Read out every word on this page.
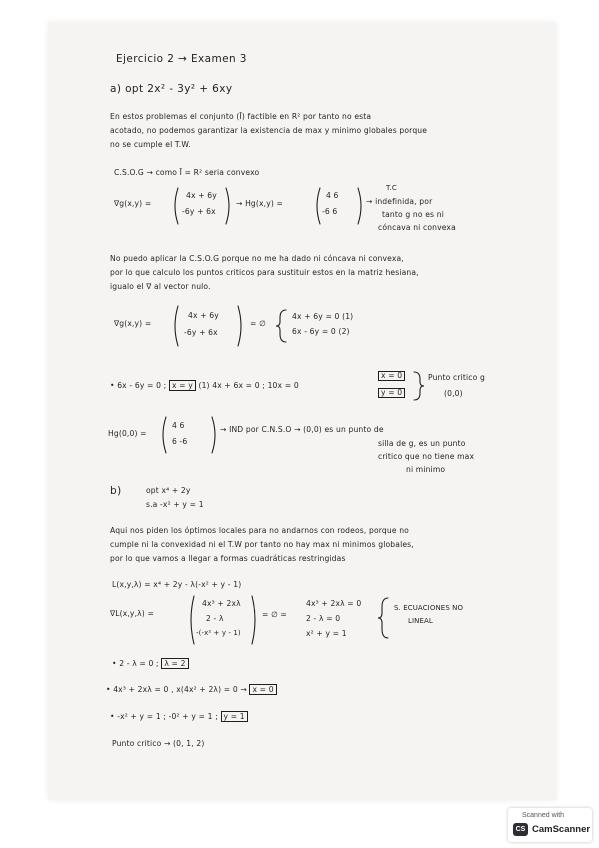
Ejercicio 2 → Examen 3
a) opt 2x² - 3y² + 6xy
En estos problemas el conjunto (Ī) factible en R² por tanto no esta
acotado, no podemos garantizar la existencia de max y minimo globales porque
no se cumple el T.W.
C.S.O.G → como Ī = R² seria convexo
∇g(x,y) =
4x + 6y
-6y + 6x
→ Hg(x,y) =
4 6
-6 6
T.C
→ indefinida, por
tanto g no es ni
cóncava ni convexa
No puedo aplicar la C.S.O.G porque no me ha dado ni cóncava ni convexa,
por lo que calculo los puntos criticos para sustituir estos en la matriz hesiana,
igualo el ∇ al vector nulo.
∇g(x,y) =
4x + 6y
-6y + 6x
= ∅
4x + 6y = 0 (1)
6x - 6y = 0 (2)
• 6x - 6y = 0 ; x = y (1) 4x + 6x = 0 ; 10x = 0
x = 0
y = 0
Punto critico g
(0,0)
Hg(0,0) =
4 6
6 -6
→ IND por C.N.S.O → (0,0) es un punto de
silla de g, es un punto
critico que no tiene max
ni minimo
b)	opt x⁴ + 2y
s.a -x² + y = 1
Aqui nos piden los óptimos locales para no andarnos con rodeos, porque no
cumple ni la convexidad ni el T.W por tanto no hay max ni minimos globales,
por lo que vamos a llegar a formas cuadráticas restringidas
L(x,y,λ) = x⁴ + 2y - λ(-x² + y - 1)
∇L(x,y,λ) =
4x³ + 2xλ
2 - λ
-(-x² + y - 1)
= ∅ =
4x³ + 2xλ = 0
2 - λ = 0
x² + y = 1
S. ECUACIONES NO
LINEAL
• 2 - λ = 0 ; λ = 2
• 4x³ + 2xλ = 0 , x(4x² + 2λ) = 0 → x = 0
• -x² + y = 1 ; -0² + y = 1 ; y = 1
Punto critico → (0, 1, 2)
Scanned with
CS CamScanner
